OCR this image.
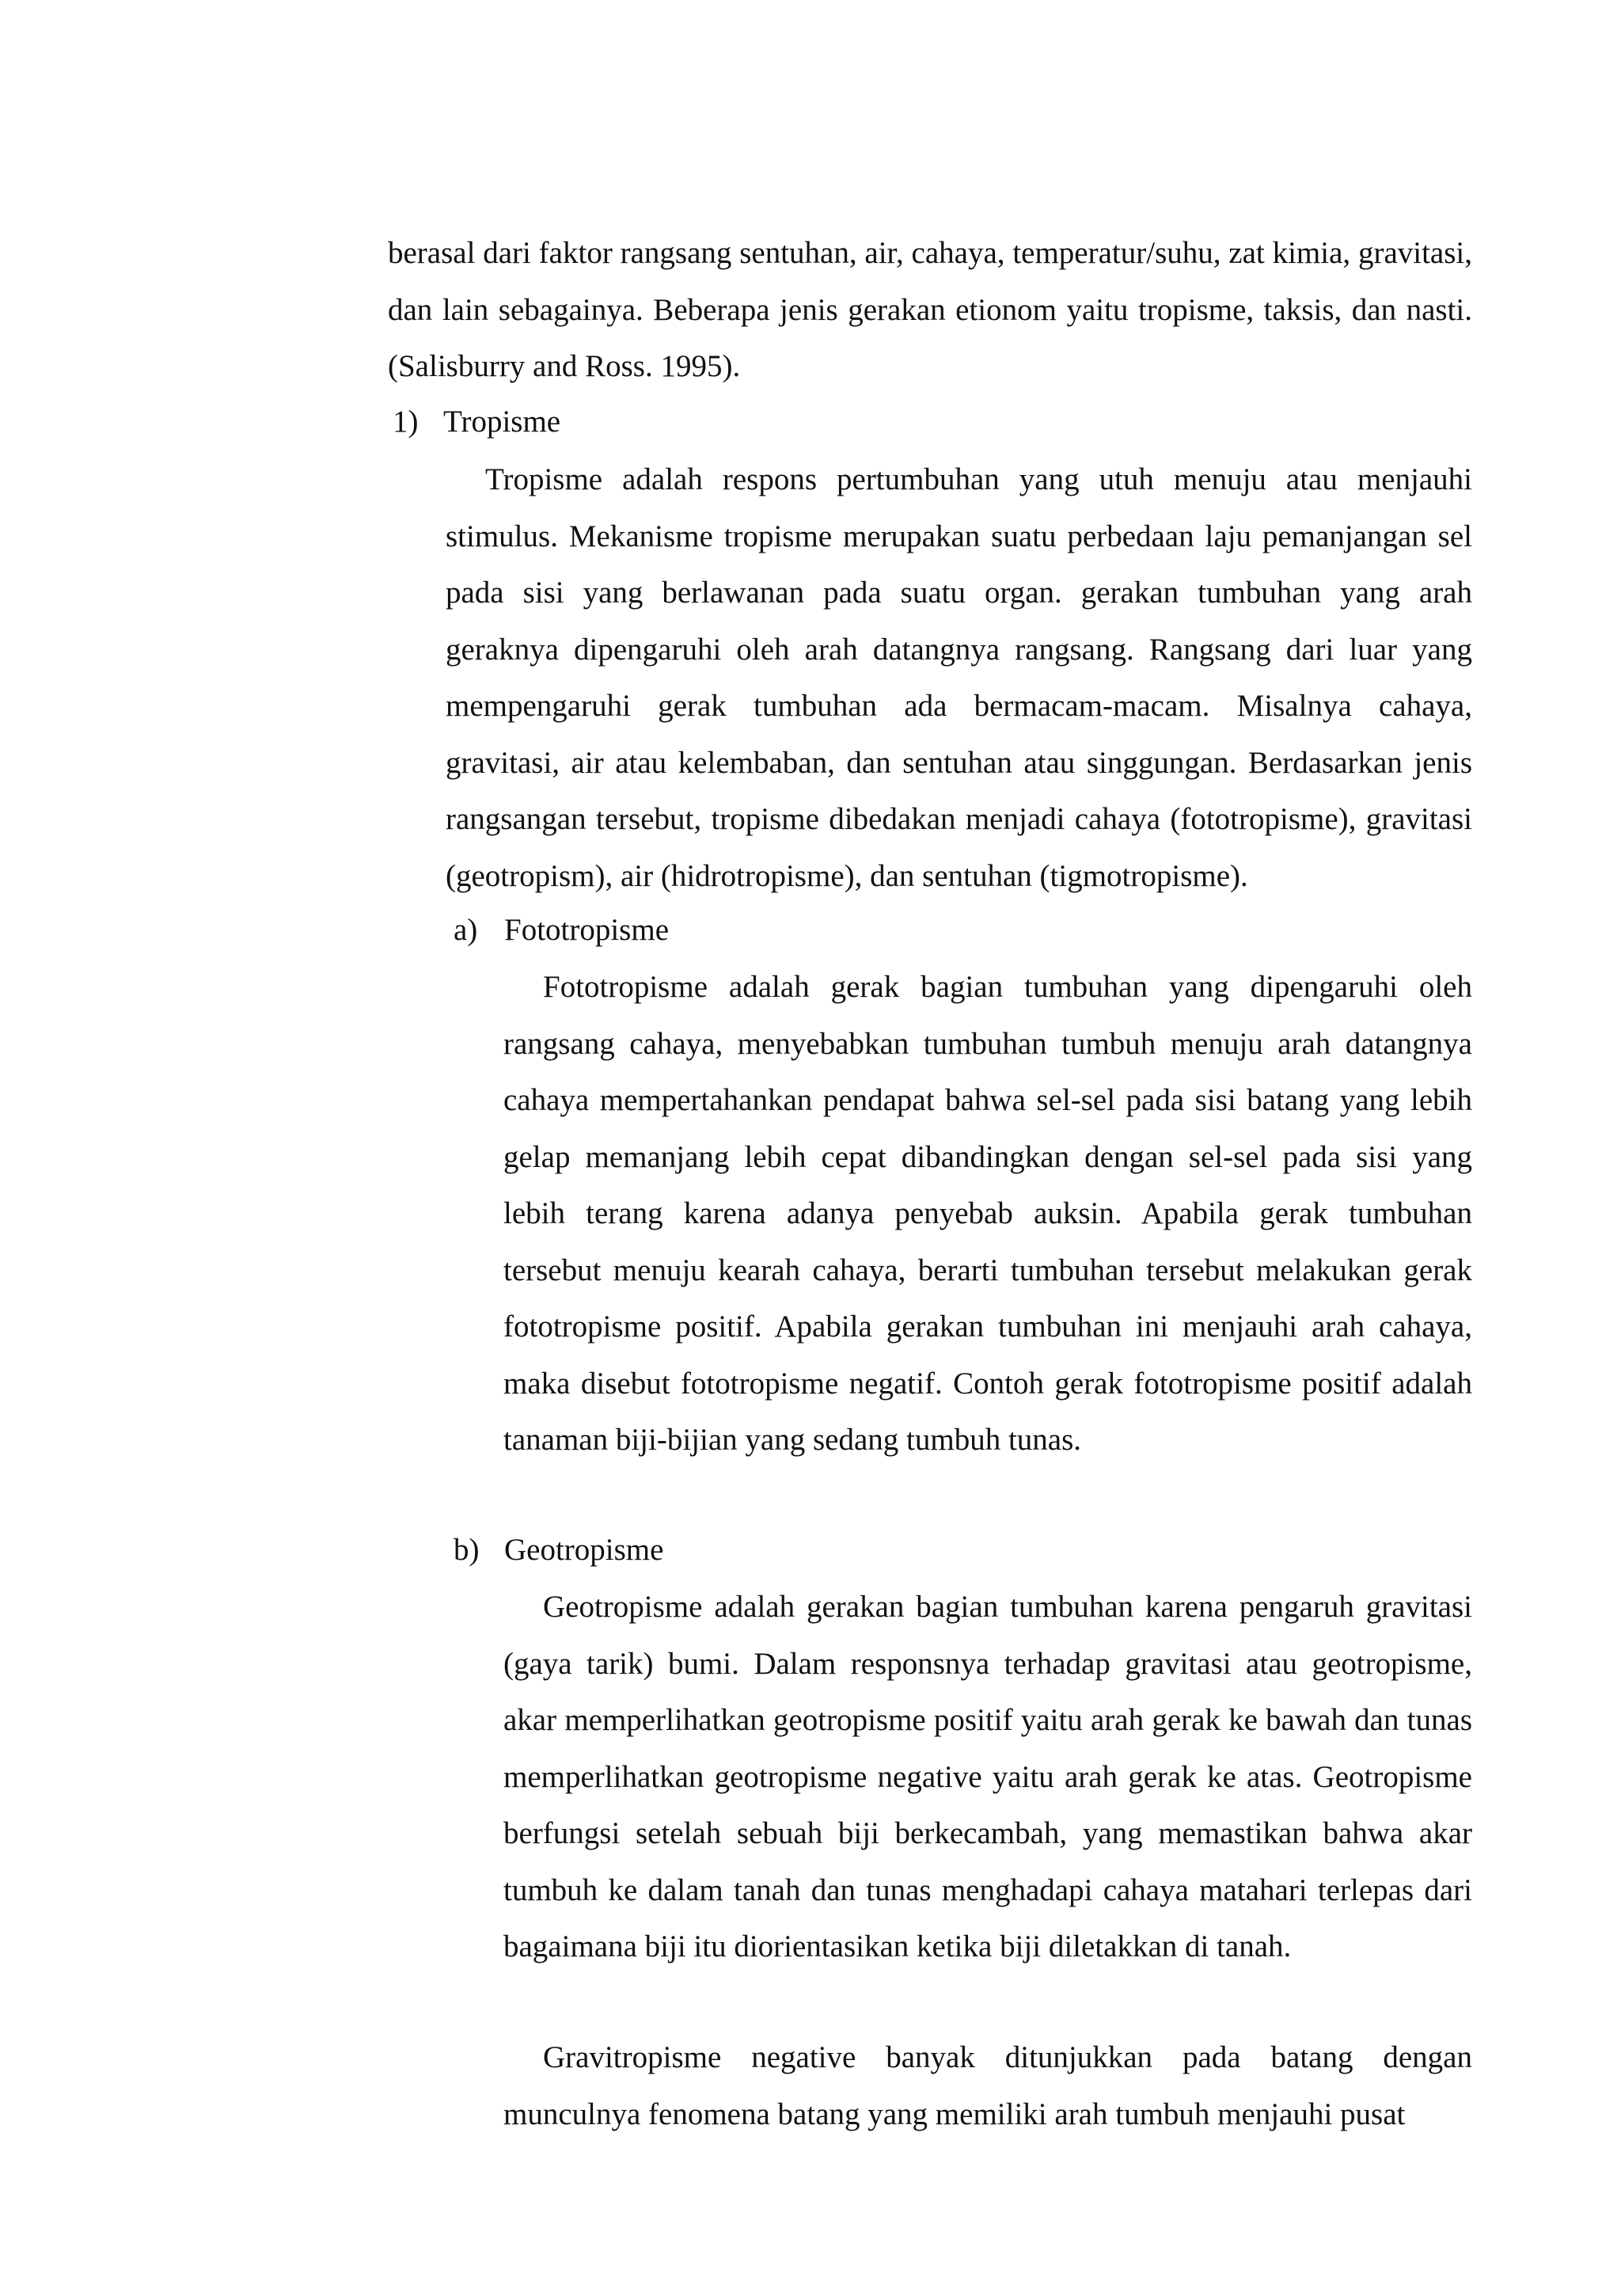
berasal dari faktor rangsang sentuhan, air, cahaya, temperatur/suhu, zat kimia, gravitasi, dan lain sebagainya. Beberapa jenis gerakan etionom yaitu tropisme, taksis, dan nasti. (Salisburry and Ross. 1995).

1) Tropisme

Tropisme adalah respons pertumbuhan yang utuh menuju atau menjauhi stimulus. Mekanisme tropisme merupakan suatu perbedaan laju pemanjangan sel pada sisi yang berlawanan pada suatu organ. gerakan tumbuhan yang arah geraknya dipengaruhi oleh arah datangnya rangsang. Rangsang dari luar yang mempengaruhi gerak tumbuhan ada bermacam-macam. Misalnya cahaya, gravitasi, air atau kelembaban, dan sentuhan atau singgungan. Berdasarkan jenis rangsangan tersebut, tropisme dibedakan menjadi cahaya (fototropisme), gravitasi (geotropism), air (hidrotropisme), dan sentuhan (tigmotropisme).

a) Fototropisme

Fototropisme adalah gerak bagian tumbuhan yang dipengaruhi oleh rangsang cahaya, menyebabkan tumbuhan tumbuh menuju arah datangnya cahaya mempertahankan pendapat bahwa sel-sel pada sisi batang yang lebih gelap memanjang lebih cepat dibandingkan dengan sel-sel pada sisi yang lebih terang karena adanya penyebab auksin. Apabila gerak tumbuhan tersebut menuju kearah cahaya, berarti tumbuhan tersebut melakukan gerak fototropisme positif. Apabila gerakan tumbuhan ini menjauhi arah cahaya, maka disebut fototropisme negatif. Contoh gerak fototropisme positif adalah tanaman biji-bijian yang sedang tumbuh tunas.

b) Geotropisme

Geotropisme adalah gerakan bagian tumbuhan karena pengaruh gravitasi (gaya tarik) bumi. Dalam responsnya terhadap gravitasi atau geotropisme, akar memperlihatkan geotropisme positif yaitu arah gerak ke bawah dan tunas memperlihatkan geotropisme negative yaitu arah gerak ke atas. Geotropisme berfungsi setelah sebuah biji berkecambah, yang memastikan bahwa akar tumbuh ke dalam tanah dan tunas menghadapi cahaya matahari terlepas dari bagaimana biji itu diorientasikan ketika biji diletakkan di tanah.

Gravitropisme negative banyak ditunjukkan pada batang dengan munculnya fenomena batang yang memiliki arah tumbuh menjauhi pusat
